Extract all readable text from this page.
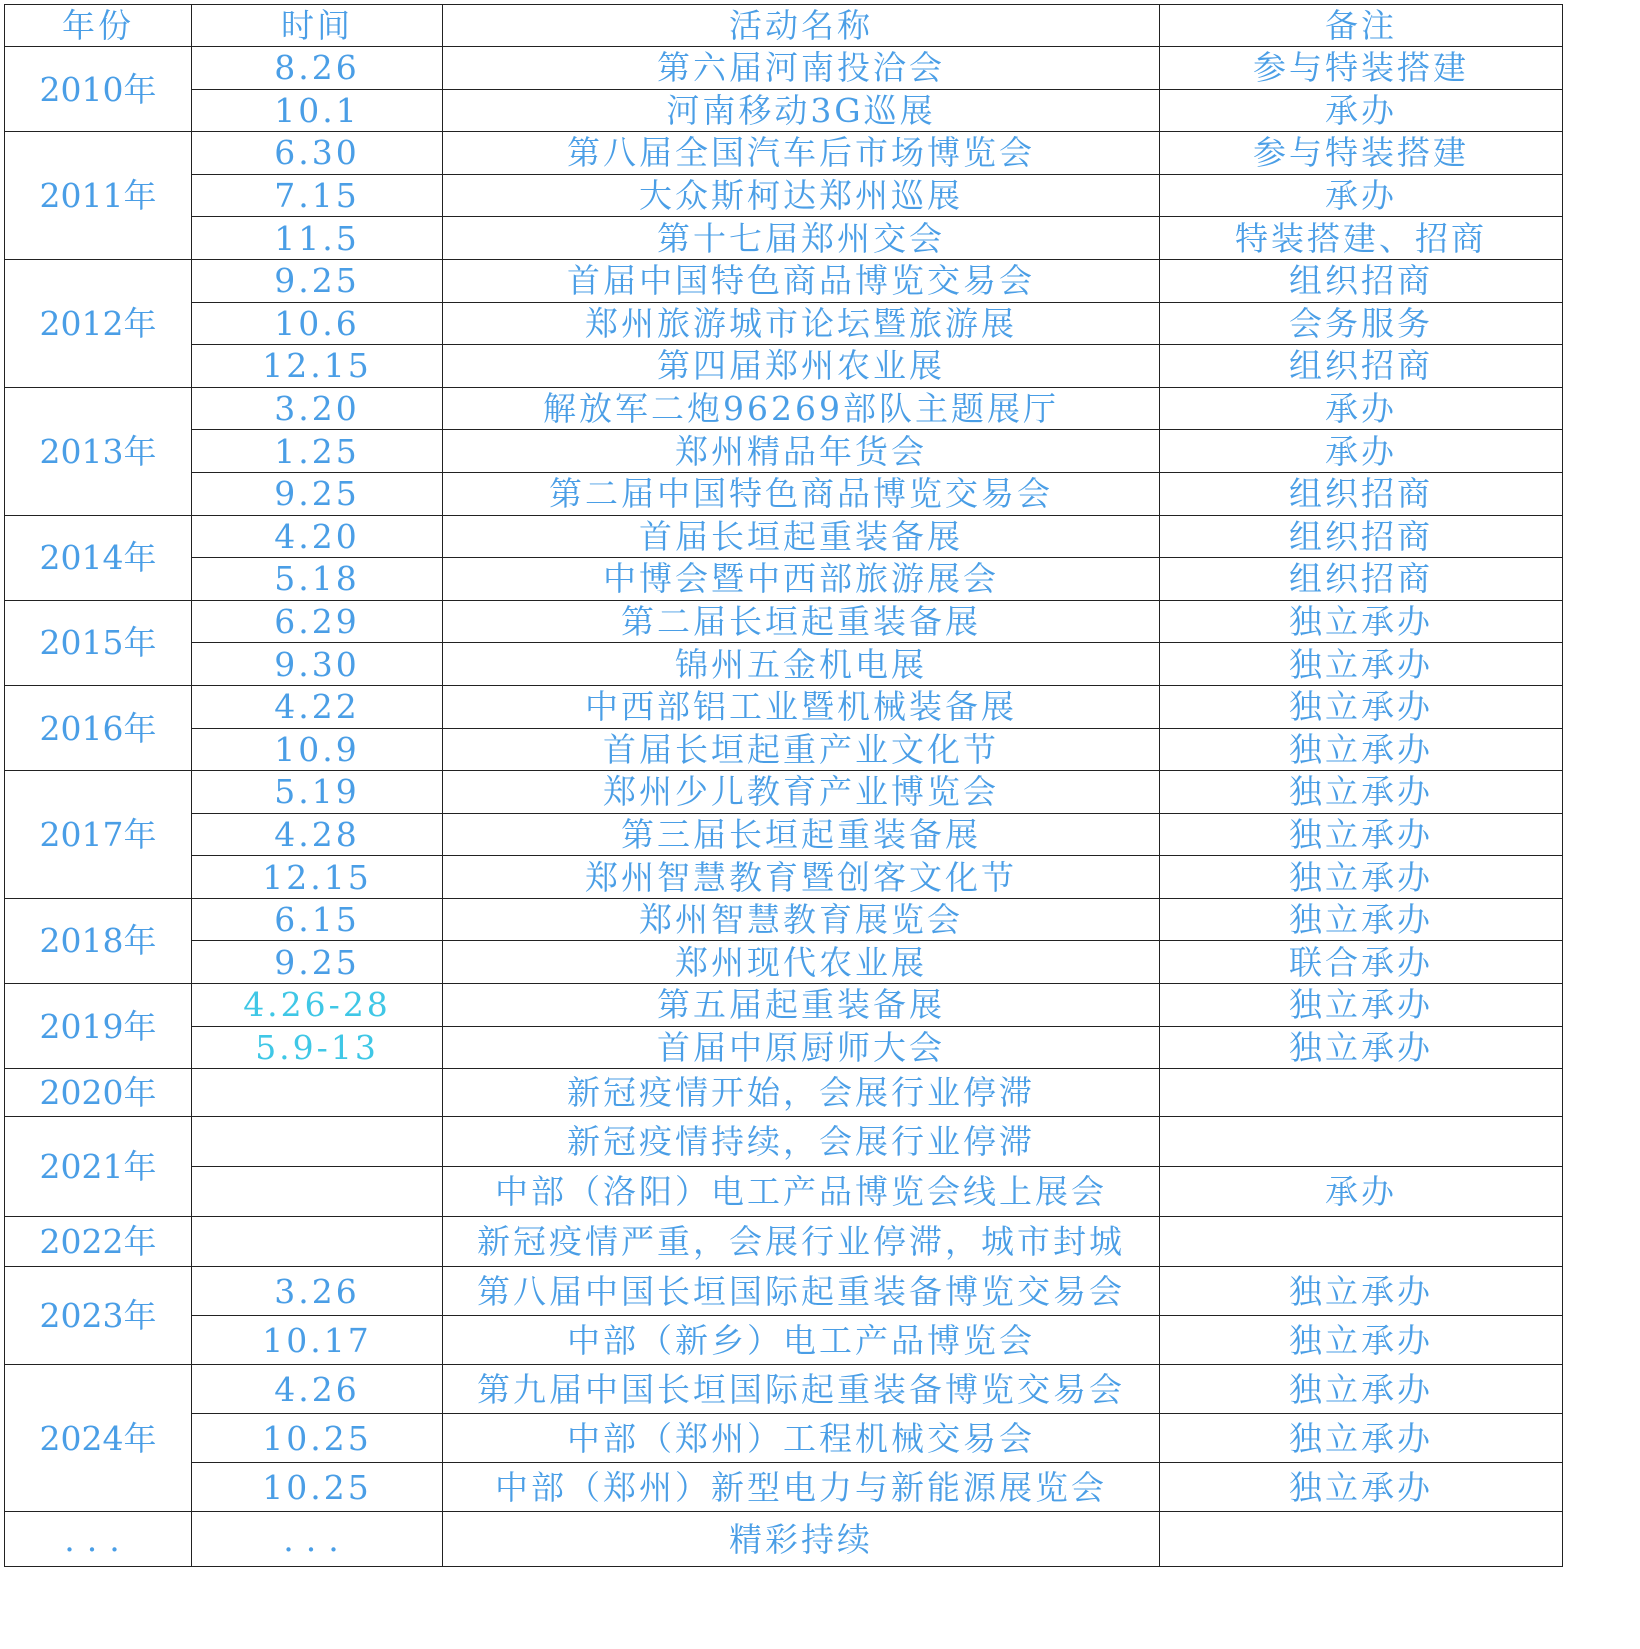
年份	时间	活动名称	备注
2010年	8.26	第六届河南投洽会	参与特装搭建
	10.1	河南移动3G巡展	承办
2011年	6.30	第八届全国汽车后市场博览会	参与特装搭建
	7.15	大众斯柯达郑州巡展	承办
	11.5	第十七届郑州交会	特装搭建、招商
2012年	9.25	首届中国特色商品博览交易会	组织招商
	10.6	郑州旅游城市论坛暨旅游展	会务服务
	12.15	第四届郑州农业展	组织招商
2013年	3.20	解放军二炮96269部队主题展厅	承办
	1.25	郑州精品年货会	承办
	9.25	第二届中国特色商品博览交易会	组织招商
2014年	4.20	首届长垣起重装备展	组织招商
	5.18	中博会暨中西部旅游展会	组织招商
2015年	6.29	第二届长垣起重装备展	独立承办
	9.30	锦州五金机电展	独立承办
2016年	4.22	中西部铝工业暨机械装备展	独立承办
	10.9	首届长垣起重产业文化节	独立承办
2017年	5.19	郑州少儿教育产业博览会	独立承办
	4.28	第三届长垣起重装备展	独立承办
	12.15	郑州智慧教育暨创客文化节	独立承办
2018年	6.15	郑州智慧教育展览会	独立承办
	9.25	郑州现代农业展	联合承办
2019年	4.26-28	第五届起重装备展	独立承办
	5.9-13	首届中原厨师大会	独立承办
2020年		新冠疫情开始，会展行业停滞	
2021年		新冠疫情持续，会展行业停滞	
		中部（洛阳）电工产品博览会线上展会	承办
2022年		新冠疫情严重，会展行业停滞，城市封城	
2023年	3.26	第八届中国长垣国际起重装备博览交易会	独立承办
	10.17	中部（新乡）电工产品博览会	独立承办
2024年	4.26	第九届中国长垣国际起重装备博览交易会	独立承办
	10.25	中部（郑州）工程机械交易会	独立承办
	10.25	中部（郑州）新型电力与新能源展览会	独立承办
...	...	精彩持续	
